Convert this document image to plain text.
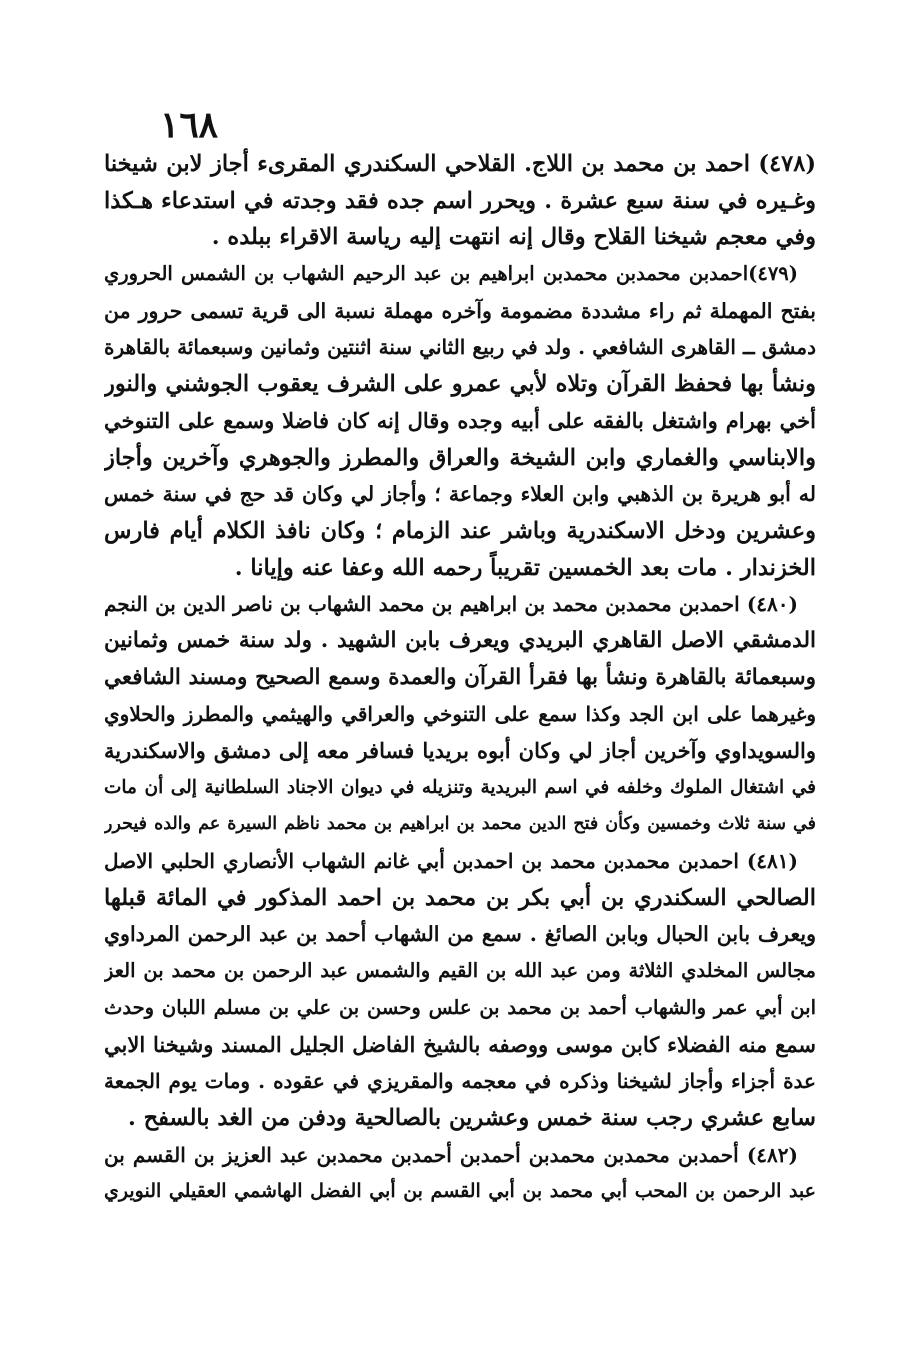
١٦٨
(٤٧٨) احمد بن محمد بن اللاج. القلاحي السكندري المقرىء أجاز لابن شيخنا
وغـيره في سنة سبع عشرة . ويحرر اسم جده فقد وجدته في استدعاء هـكذا
وفي معجم شيخنا القلاح وقال إنه انتهت إليه رياسة الاقراء ببلده .
(٤٧٩)احمدبن محمدبن محمدبن ابراهيم بن عبد الرحيم الشهاب بن الشمس الحروري
بفتح المهملة ثم راء مشددة مضمومة وآخره مهملة نسبة الى قرية تسمى حرور من
دمشق ــ القاهرى الشافعي . ولد في ربيع الثاني سنة اثنتين وثمانين وسبعمائة بالقاهرة
ونشأ بها فحفظ القرآن وتلاه لأبي عمرو على الشرف يعقوب الجوشني والنور
أخي بهرام واشتغل بالفقه على أبيه وجده وقال إنه كان فاضلا وسمع على التنوخي
والابناسي والغماري وابن الشيخة والعراق والمطرز والجوهري وآخرين وأجاز
له أبو هريرة بن الذهبي وابن العلاء وجماعة ؛ وأجاز لي وكان قد حج في سنة خمس
وعشرين ودخل الاسكندرية وباشر عند الزمام ؛ وكان نافذ الكلام أيام فارس
الخزندار . مات بعد الخمسين تقريباً رحمه الله وعفا عنه وإيانا .
(٤٨٠) احمدبن محمدبن محمد بن ابراهيم بن محمد الشهاب بن ناصر الدين بن النجم
الدمشقي الاصل القاهري البريدي ويعرف بابن الشهيد . ولد سنة خمس وثمانين
وسبعمائة بالقاهرة ونشأ بها فقرأ القرآن والعمدة وسمع الصحيح ومسند الشافعي
وغيرهما على ابن الجد وكذا سمع على التنوخي والعراقي والهيثمي والمطرز والحلاوي
والسويداوي وآخرين أجاز لي وكان أبوه بريديا فسافر معه إلى دمشق والاسكندرية
في اشتغال الملوك وخلفه في اسم البريدية وتنزيله في ديوان الاجناد السلطانية إلى أن مات
في سنة ثلاث وخمسين وكأن فتح الدين محمد بن ابراهيم بن محمد ناظم السيرة عم والده فيحرر
(٤٨١) احمدبن محمدبن محمد بن احمدبن أبي غانم الشهاب الأنصاري الحلبي الاصل
الصالحي السكندري بن أبي بكر بن محمد بن احمد المذكور في المائة قبلها
ويعرف بابن الحبال وبابن الصائغ . سمع من الشهاب أحمد بن عبد الرحمن المرداوي
مجالس المخلدي الثلاثة ومن عبد الله بن القيم والشمس عبد الرحمن بن محمد بن العز
ابن أبي عمر والشهاب أحمد بن محمد بن علس وحسن بن علي بن مسلم اللبان وحدث
سمع منه الفضلاء كابن موسى ووصفه بالشيخ الفاضل الجليل المسند وشيخنا الابي
عدة أجزاء وأجاز لشيخنا وذكره في معجمه والمقريزي في عقوده . ومات يوم الجمعة
سابع عشري رجب سنة خمس وعشرين بالصالحية ودفن من الغد بالسفح .
(٤٨٢) أحمدبن محمدبن محمدبن أحمدبن أحمدبن محمدبن عبد العزيز بن القسم بن
عبد الرحمن بن المحب أبي محمد بن أبي القسم بن أبي الفضل الهاشمي العقيلي النويري
